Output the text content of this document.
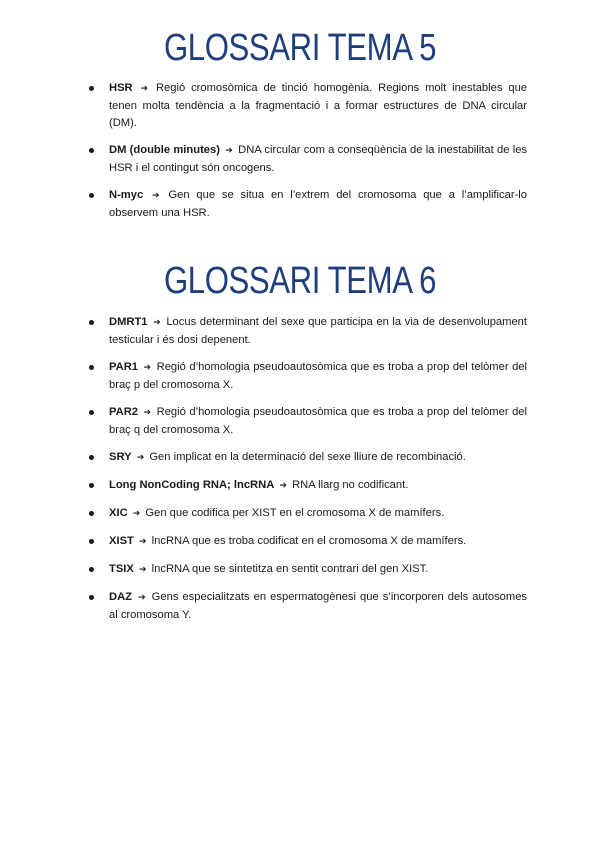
GLOSSARI TEMA 5
HSR ➔ Regió cromosòmica de tinció homogènia. Regions molt inestables que tenen molta tendència a la fragmentació i a formar estructures de DNA circular (DM).
DM (double minutes) ➔ DNA circular com a conseqüència de la inestabilitat de les HSR i el contingut són oncogens.
N-myc ➔ Gen que se situa en l’extrem del cromosoma que a l’amplificar-lo observem una HSR.
GLOSSARI TEMA 6
DMRT1 ➔ Locus determinant del sexe que participa en la via de desenvolupament testicular i és dosi depenent.
PAR1 ➔ Regió d’homologia pseudoautosòmica que es troba a prop del telòmer del braç p del cromosoma X.
PAR2 ➔ Regió d’homologia pseudoautosòmica que es troba a prop del telòmer del braç q del cromosoma X.
SRY ➔ Gen implicat en la determinació del sexe lliure de recombinació.
Long NonCoding RNA; lncRNA ➔ RNA llarg no codificant.
XIC ➔ Gen que codifica per XIST en el cromosoma X de mamífers.
XIST ➔ lncRNA que es troba codificat en el cromosoma X de mamífers.
TSIX ➔ lncRNA que se sintetitza en sentit contrari del gen XIST.
DAZ ➔ Gens especialitzats en espermatogènesi que s’incorporen dels autosomes al cromosoma Y.
